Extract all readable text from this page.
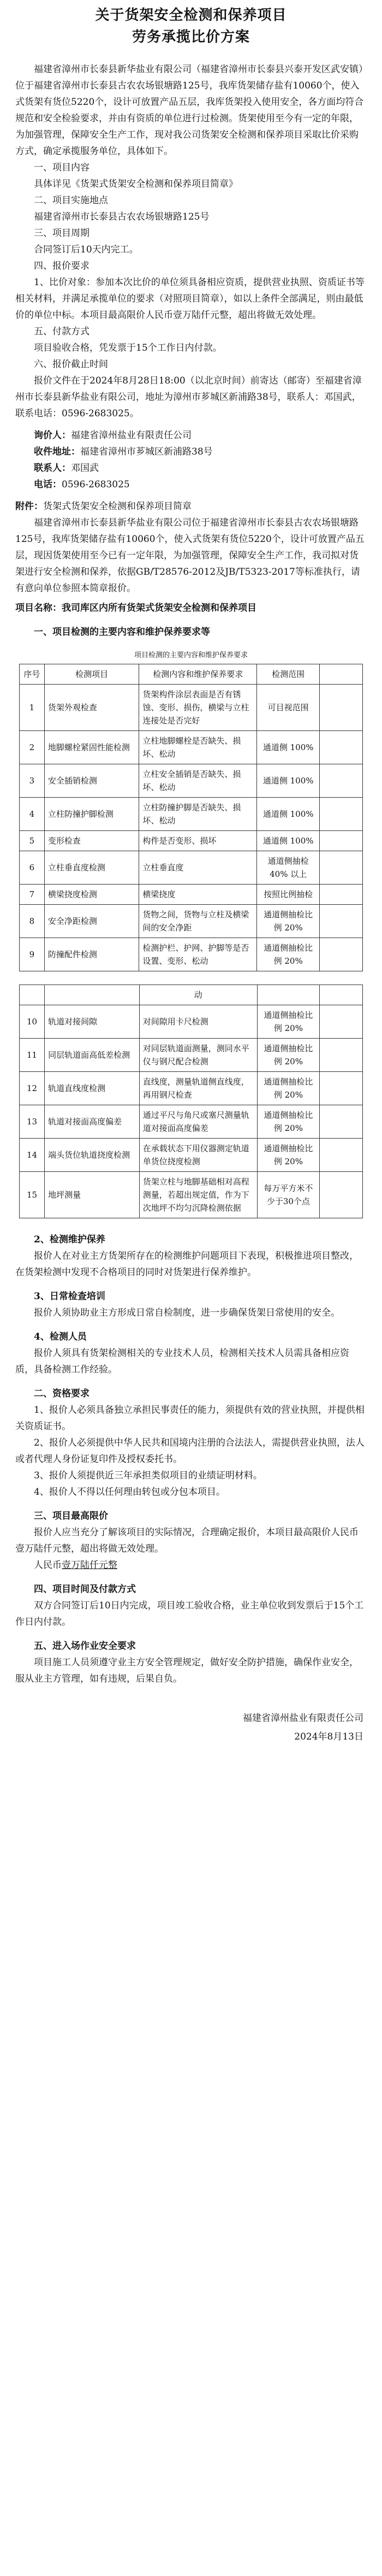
关于货架安全检测和保养项目
劳务承揽比价方案

福建省漳州市长泰县新华盐业有限公司（福建省漳州市长泰县兴泰开发区武安镇）位于福建省漳州市长泰县古农农场银塘路125号，我库货架储存盐有10060个，使入式货架有货位5220个，设计可放置产品五层，我库货架投入使用安全，各方面均符合规范和安全检验要求，并由有资质的单位进行过检测。货架使用至今有一定的年限，为加强管理，保障安全生产工作，现对我公司货架安全检测和保养项目采取比价采购方式，确定承揽服务单位，具体如下。

一、项目内容

具体详见《货架式货架安全检测和保养项目简章》

二、项目实施地点

福建省漳州市长泰县古农农场银塘路125号

三、项目周期

合同签订后10天内完工。

四、报价要求

1、比价对象：参加本次比价的单位须具备相应资质，提供营业执照、资质证书等相关材料，并满足承揽单位的要求（对照项目简章），如以上条件全部满足，则由最低价的单位中标。本项目最高限价人民币壹万陆仟元整，超出将做无效处理。

五、付款方式

项目验收合格，凭发票于15个工作日内付款。

六、报价截止时间

报价文件在于2024年8月28日18:00（以北京时间）前寄达（邮寄）至福建省漳州市长泰县新华盐业有限公司，地址为漳州市芗城区新浦路38号，联系人：邓国武，联系电话：0596-2683025。

询价人：福建省漳州盐业有限责任公司

收件地址：福建省漳州市芗城区新浦路38号

联系人：邓国武

电话：0596-2683025

附件：货架式货架安全检测和保养项目简章

福建省漳州市长泰县新华盐业有限公司位于福建省漳州市长泰县古农农场银塘路125号，我库货架储存盐有10060个，使入式货架有货位5220个，设计可放置产品五层，现因货架使用至今已有一定年限，为加强管理，保障安全生产工作，我司拟对货架进行安全检测和保养，依据GB/T28576-2012及JB/T5323-2017等标准执行，请有意向单位参照本简章报价。

项目名称：我司库区内所有货架式货架安全检测和保养项目

一、项目检测的主要内容和维护保养要求等

项目检测的主要内容和维护保养要求
序号	检测项目	检测内容和维护保养要求	检测范围	
1	货架外观检查	货架构件涂层表面是否有锈蚀、变形、损伤，横梁与立柱连接处是否完好	可目视范围	
2	地脚螺栓紧固性能检测	立柱地脚螺栓是否缺失、损坏、松动	通道侧 100%	
3	安全插销检测	立柱安全插销是否缺失、损坏、松动	通道侧 100%	
4	立柱防撞护脚检测	立柱防撞护脚是否缺失、损坏、松动	通道侧 100%	
5	变形检查	构件是否变形、损坏	通道侧 100%	
6	立柱垂直度检测	立柱垂直度	通道侧抽检 40% 以上	
7	横梁挠度检测	横梁挠度	按照比例抽检	
8	安全净距检测	货物之间，货物与立柱及横梁间的安全净距	通道侧抽检比例 20%	
9	防撞配件检测	检测护栏、护网、护脚等是否设置、变形、松动	通道侧抽检比例 20%	
		动		
10	轨道对接间隙	对间隙用卡尺检测	通道侧抽检比例 20%	
11	同层轨道面高低差检测	对同层轨道面测量，测同水平仪与钢尺配合检测	通道侧抽检比例 20%	
12	轨道直线度检测	直线度，测量轨道侧直线度，再用钢尺检查	通道侧抽检比例 20%	
13	轨道对接面高度偏差	通过平尺与角尺或塞尺测量轨道对接面高度偏差	通道侧抽检比例 20%	
14	端头货位轨道挠度检测	在承载状态下用仪器测定轨道单货位挠度检测	通道侧抽检比例 20%	
15	地坪测量	货架立柱与地脚基础相对高程测量，若超出规定值，作为下次地坪不均匀沉降检测依据	每万平方米不少于30个点	

2、检测维护保养

报价人在对业主方货架所存在的检测维护问题项目下表现，积极推进项目整改，在货架检测中发现不合格项目的同时对货架进行保养维护。

3、日常检查培训

报价人须协助业主方形成日常自检制度，进一步确保货架日常使用的安全。

4、检测人员

报价人须具有货架检测相关的专业技术人员，检测相关技术人员需具备相应资质，具备检测工作经验。

二、资格要求

1、报价人必须具备独立承担民事责任的能力，须提供有效的营业执照，并提供相关资质证书。

2、报价人必须提供中华人民共和国境内注册的合法法人，需提供营业执照，法人或者代理人身份证复印件及授权委托书。

3、报价人须提供近三年承担类似项目的业绩证明材料。

4、报价人不得以任何理由转包或分包本项目。

三、项目最高限价

报价人应当充分了解该项目的实际情况，合理确定报价，本项目最高限价人民币壹万陆仟元整，超出将做无效处理。

人民币壹万陆仟元整

四、项目时间及付款方式

双方合同签订后10日内完成，项目竣工验收合格，业主单位收到发票后于15个工作日内付款。

五、进入场作业安全要求

项目施工人员须遵守业主方安全管理规定，做好安全防护措施，确保作业安全，服从业主方管理，如有违规，后果自负。

福建省漳州盐业有限责任公司
2024年8月13日
